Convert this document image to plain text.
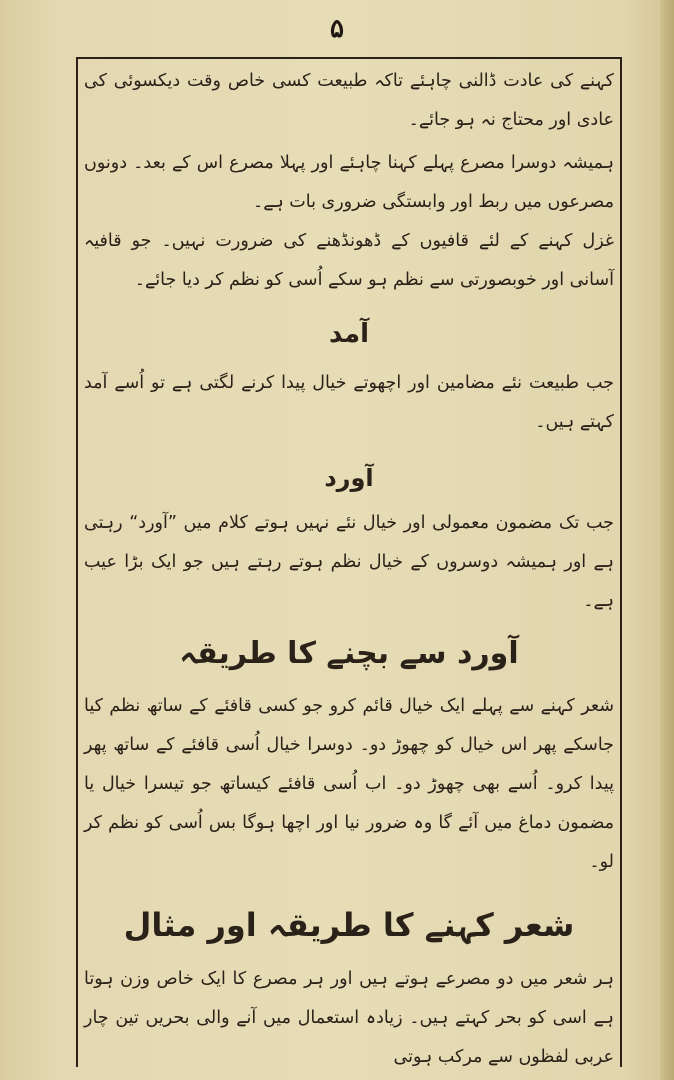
۵

کہنے کی عادت ڈالنی چاہئے تاکہ طبیعت کسی خاص وقت دیکسوئی کی عادی اور محتاج نہ ہو جائے۔

ہمیشہ دوسرا مصرع پہلے کہنا چاہئے اور پہلا مصرع اس کے بعد۔ دونوں مصرعوں میں ربط اور وابستگی ضروری بات ہے۔

غزل کہنے کے لئے قافیوں کے ڈھونڈھنے کی ضرورت نہیں۔ جو قافیہ آسانی اور خوبصورتی سے نظم ہو سکے اُسی کو نظم کر دیا جائے۔

آمد

جب طبیعت نئے مضامین اور اچھوتے خیال پیدا کرنے لگتی ہے تو اُسے آمد کہتے ہیں۔

آورد

جب تک مضمون معمولی اور خیال نئے نہیں ہوتے کلام میں ”آورد“ رہتی ہے اور ہمیشہ دوسروں کے خیال نظم ہوتے رہتے ہیں جو ایک بڑا عیب ہے۔

آورد سے بچنے کا طریقہ

شعر کہنے سے پہلے ایک خیال قائم کرو جو کسی قافئے کے ساتھ نظم کیا جاسکے پھر اس خیال کو چھوڑ دو۔ دوسرا خیال اُسی قافئے کے ساتھ پھر پیدا کرو۔ اُسے بھی چھوڑ دو۔ اب اُسی قافئے کیساتھ جو تیسرا خیال یا مضمون دماغ میں آئے گا وہ ضرور نیا اور اچھا ہوگا بس اُسی کو نظم کر لو۔

شعر کہنے کا طریقہ اور مثال

ہر شعر میں دو مصرعے ہوتے ہیں اور ہر مصرع کا ایک خاص وزن ہوتا ہے اسی کو بحر کہتے ہیں۔ زیادہ استعمال میں آنے والی بحریں تین چار عربی لفظوں سے مرکب ہوتی
